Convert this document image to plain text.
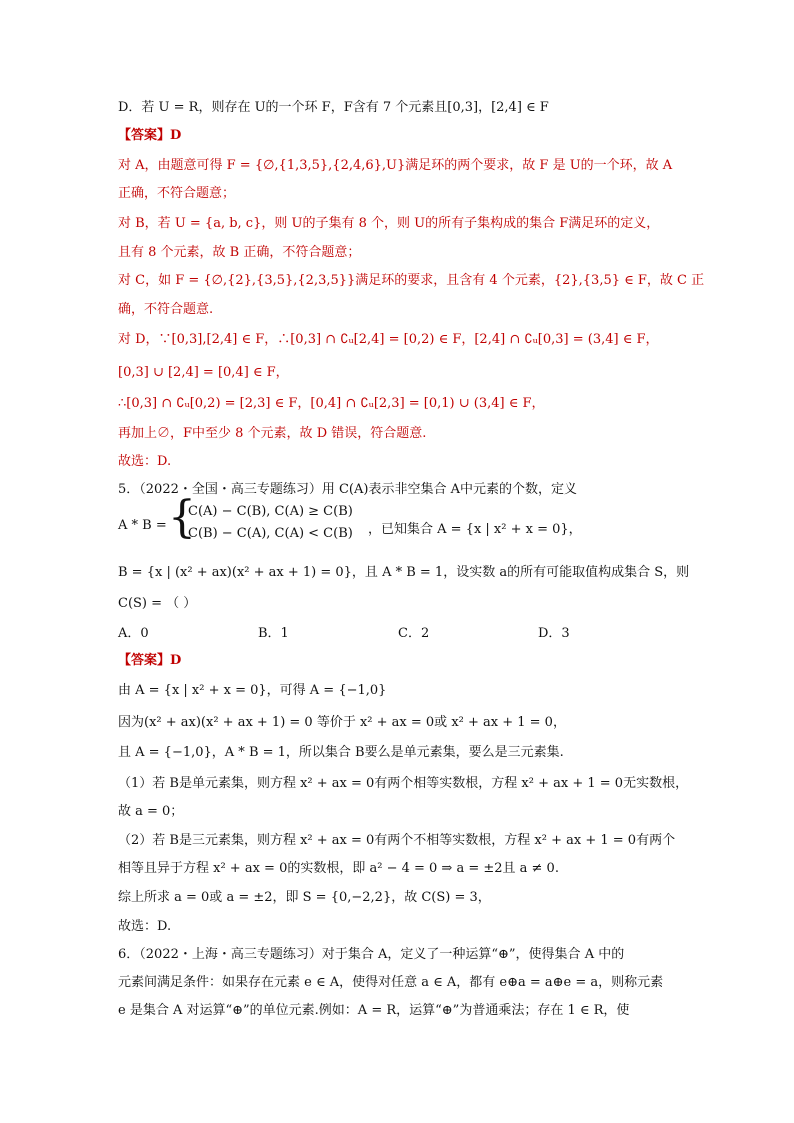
D．若 U = R，则存在 U的一个环 F，F含有 7 个元素且[0,3]，[2,4] ∈ F
【答案】D
对 A，由题意可得 F = {∅,{1,3,5},{2,4,6},U}满足环的两个要求，故 F 是 U的一个环，故 A
正确，不符合题意；
对 B，若 U = {a, b, c}，则 U的子集有 8 个，则 U的所有子集构成的集合 F满足环的定义，
且有 8 个元素，故 B 正确，不符合题意；
对 C，如 F = {∅,{2},{3,5},{2,3,5}}满足环的要求，且含有 4 个元素，{2},{3,5} ∈ F，故 C 正
确，不符合题意.
对 D，∵[0,3],[2,4] ∈ F，∴[0,3] ∩ ∁ᵤ[2,4] = [0,2) ∈ F，[2,4] ∩ ∁ᵤ[0,3] = (3,4] ∈ F，
[0,3] ∪ [2,4] = [0,4] ∈ F，
∴[0,3] ∩ ∁ᵤ[0,2) = [2,3] ∈ F，[0,4] ∩ ∁ᵤ[2,3] = [0,1) ∪ (3,4] ∈ F，
再加上∅，F中至少 8 个元素，故 D 错误，符合题意.
故选：D.
5．（2022・全国・高三专题练习）用 C(A)表示非空集合 A中元素的个数，定义
A * B = {
C(A) − C(B), C(A) ≥ C(B)
C(B) − C(A), C(A) < C(B) ，已知集合 A = {x | x² + x = 0}，
B = {x | (x² + ax)(x² + ax + 1) = 0}，且 A * B = 1，设实数 a的所有可能取值构成集合 S，则
C(S) = （ ）
A．0	B．1	C．2	D．3
【答案】D
由 A = {x | x² + x = 0}，可得 A = {−1,0}
因为(x² + ax)(x² + ax + 1) = 0 等价于 x² + ax = 0或 x² + ax + 1 = 0，
且 A = {−1,0}，A * B = 1，所以集合 B要么是单元素集，要么是三元素集.
（1）若 B是单元素集，则方程 x² + ax = 0有两个相等实数根，方程 x² + ax + 1 = 0无实数根，
故 a = 0；
（2）若 B是三元素集，则方程 x² + ax = 0有两个不相等实数根，方程 x² + ax + 1 = 0有两个
相等且异于方程 x² + ax = 0的实数根，即 a² − 4 = 0 ⇒ a = ±2且 a ≠ 0.
综上所求 a = 0或 a = ±2，即 S = {0,−2,2}，故 C(S) = 3，
故选：D.
6．（2022・上海・高三专题练习）对于集合 A，定义了一种运算“⊕”，使得集合 A 中的
元素间满足条件：如果存在元素 e ∈ A，使得对任意 a ∈ A，都有 e⊕a = a⊕e = a，则称元素
e 是集合 A 对运算“⊕”的单位元素.例如：A = R，运算“⊕”为普通乘法；存在 1 ∈ R，使
